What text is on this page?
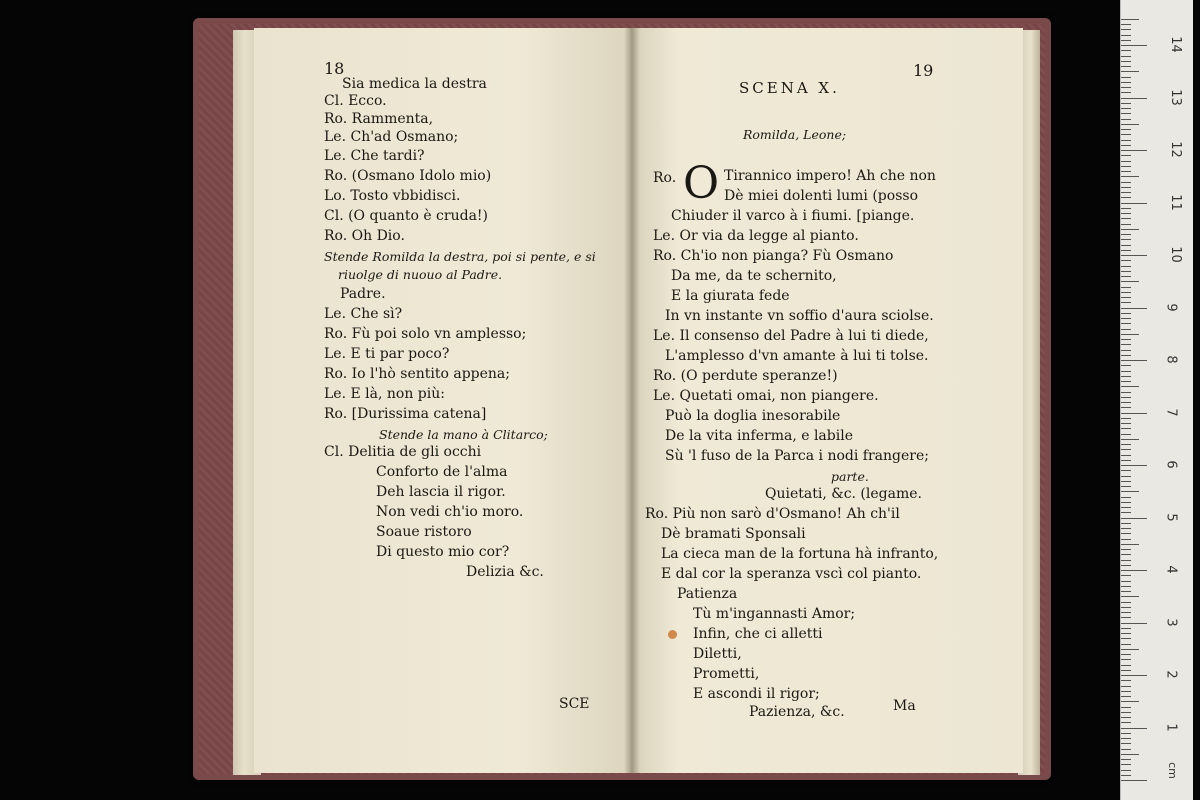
18
Sia medica la destra
Cl. Ecco.
Ro. Rammenta,
Le. Ch'ad Osmano;
Le. Che tardi?
Ro. (Osmano Idolo mio)
Lo. Tosto vbbidisci.
Cl. (O quanto è cruda!)
Ro. Oh Dio.
Stende Romilda la destra, poi si pente, e si
riuolge di nuouo al Padre.
Padre.
Le. Che sì?
Ro. Fù poi solo vn amplesso;
Le. E ti par poco?
Ro. Io l'hò sentito appena;
Le. E là, non più:
Ro. [Durissima catena]
Stende la mano à Clitarco;
Cl. Delitia de gli occhi
Conforto de l'alma
Deh lascia il rigor.
Non vedi ch'io moro.
Soaue ristoro
Di questo mio cor?
Delizia &c.
SCE
19
SCENA X.
Romilda, Leone;
Ro. O Tirannico impero! Ah che non
Dè miei dolenti lumi (posso
Chiuder il varco à i fiumi. [piange.
Le. Or via da legge al pianto.
Ro. Ch'io non pianga? Fù Osmano
Da me, da te schernito,
E la giurata fede
In vn instante vn soffio d'aura sciolse.
Le. Il consenso del Padre à lui ti diede,
L'amplesso d'vn amante à lui ti tolse.
Ro. (O perdute speranze!)
Le. Quetati omai, non piangere.
Può la doglia inesorabile
De la vita inferma, e labile
Sù 'l fuso de la Parca i nodi frangere;
parte.
Quietati, &c. (legame.
Ro. Più non sarò d'Osmano! Ah ch'il
Dè bramati Sponsali
La cieca man de la fortuna hà infranto,
E dal cor la speranza vscì col pianto.
Patienza
Tù m'ingannasti Amor;
Infin, che ci alletti
Diletti,
Prometti,
E ascondi il rigor;
Pazienza, &c.	Ma
1
2
3
4
5
6
7
8
9
10
11
12
13
14
cm
